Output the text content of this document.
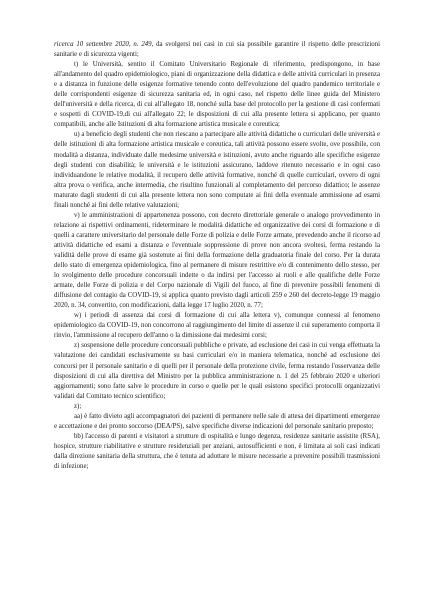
ricerca 10 settembre 2020, n. 249, da svolgersi nei casi in cui sia possibile garantire il rispetto delle prescrizioni sanitarie e di sicurezza vigenti;

t) le Università, sentito il Comitato Universitario Regionale di riferimento, predispongono, in base all'andamento del quadro epidemiologico, piani di organizzazione della didattica e delle attività curriculari in presenza e a distanza in funzione delle esigenze formative tenendo conto dell'evoluzione del quadro pandemico territoriale e delle corrispondenti esigenze di sicurezza sanitaria ed, in ogni caso, nel rispetto delle linee guida del Ministero dell'università e della ricerca, di cui all'allegato 18, nonché sulla base del protocollo per la gestione di casi confermati e sospetti di COVID-19,di cui all'allegato 22; le disposizioni di cui alla presente lettera si applicano, per quanto compatibili, anche alle Istituzioni di alta formazione artistica musicale e coreutica;

u) a beneficio degli studenti che non riescano a partecipare alle attività didattiche o curriculari delle università e delle istituzioni di alta formazione artistica musicale e coreutica, tali attività possono essere svolte, ove possibile, con modalità a distanza, individuate dalle medesime università e istituzioni, avuto anche riguardo alle specifiche esigenze degli studenti con disabilità; le università e le istituzioni assicurano, laddove ritenuto necessario e in ogni caso individuandone le relative modalità, il recupero delle attività formative, nonché di quelle curriculari, ovvero di ogni altra prova o verifica, anche intermedia, che risultino funzionali al completamento del percorso didattico; le assenze maturate dagli studenti di cui alla presente lettera non sono computate ai fini della eventuale ammissione ad esami finali nonché ai fini delle relative valutazioni;

v) le amministrazioni di appartenenza possono, con decreto direttoriale generale o analogo provvedimento in relazione ai rispettivi ordinamenti, rideterminare le modalità didattiche ed organizzative dei corsi di formazione e di quelli a carattere universitario del personale delle Forze di polizia e delle Forze armate, prevedendo anche il ricorso ad attività didattiche ed esami a distanza e l'eventuale soppressione di prove non ancora svoltesi, ferma restando la validità delle prove di esame già sostenute ai fini della formazione della graduatoria finale del corso. Per la durata dello stato di emergenza epidemiologica, fino al permanere di misure restrittive e/o di contenimento dello stesso, per lo svolgimento delle procedure concorsuali indette o da indirsi per l'accesso ai ruoli e alle qualifiche delle Forze armate, delle Forze di polizia e del Corpo nazionale di Vigili del fuoco, al fine di prevenire possibili fenomeni di diffusione del contagio da COVID-19, si applica quanto previsto dagli articoli 259 e 260 del decreto-legge 19 maggio 2020, n. 34, convertito, con modificazioni, dalla legge 17 luglio 2020, n. 77;

w) i periodi di assenza dai corsi di formazione di cui alla lettera v), comunque connessi al fenomeno epidemiologico da COVID-19, non concorrono al raggiungimento del limite di assenze il cui superamento comporta il rinvio, l'ammissione al recupero dell'anno o la dimissione dai medesimi corsi;

z) sospensione delle procedure concorsuali pubbliche e private, ad esclusione dei casi in cui venga effettuata la valutazione dei candidati esclusivamente su basi curriculari e/o in maniera telematica, nonché ad esclusione dei concorsi per il personale sanitario e di quelli per il personale della protezione civile, ferma restando l'osservanza delle disposizioni di cui alla direttiva del Ministro per la pubblica amministrazione n. 1 del 25 febbraio 2020 e ulteriori aggiornamenti; sono fatte salve le procedure in corso e quelle per le quali esistono specifici protocolli organizzativi validati dal Comitato tecnico scientifico;

z);

aa) è fatto divieto agli accompagnatori dei pazienti di permanere nelle sale di attesa dei dipartimenti emergenze e accettazione e dei pronto soccorso (DEA/PS), salve specifiche diverse indicazioni del personale sanitario preposto;

bb) l'accesso di parenti e visitatori a strutture di ospitalità e lungo degenza, residenze sanitarie assistite (RSA), hospice, strutture riabilitative e strutture residenziali per anziani, autosufficienti e non, è limitata ai soli casi indicati dalla direzione sanitaria della struttura, che è tenuta ad adottare le misure necessarie a prevenire possibili trasmissioni di infezione;
